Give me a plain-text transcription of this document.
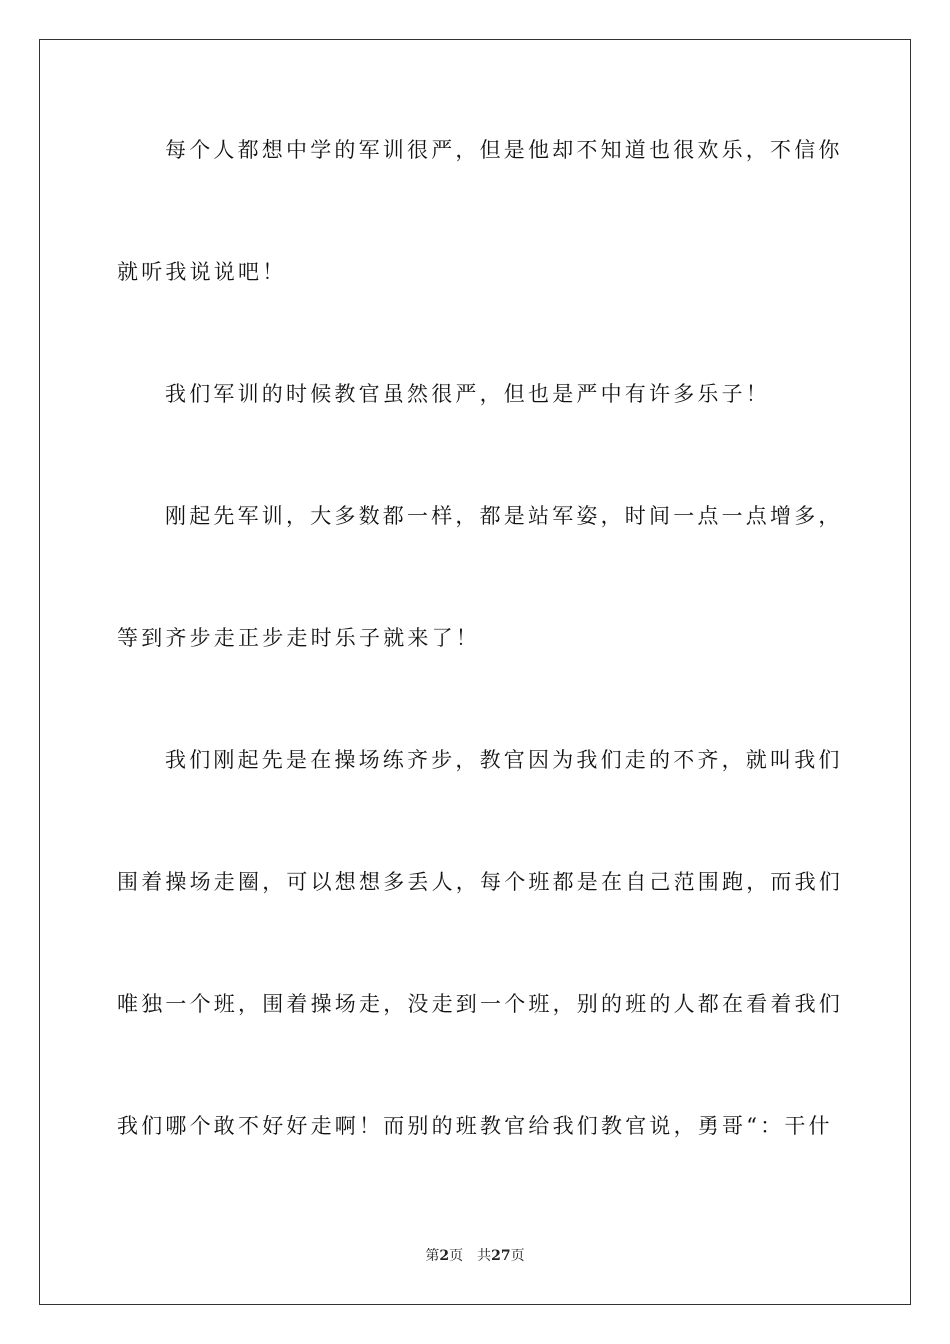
每个人都想中学的军训很严，但是他却不知道也很欢乐，不信你
就听我说说吧！
我们军训的时候教官虽然很严，但也是严中有许多乐子！
刚起先军训，大多数都一样，都是站军姿，时间一点一点增多，
等到齐步走正步走时乐子就来了！
我们刚起先是在操场练齐步，教官因为我们走的不齐，就叫我们
围着操场走圈，可以想想多丢人，每个班都是在自己范围跑，而我们
唯独一个班，围着操场走，没走到一个班，别的班的人都在看着我们
我们哪个敢不好好走啊！而别的班教官给我们教官说，勇哥“：干什
第2页 共27页
